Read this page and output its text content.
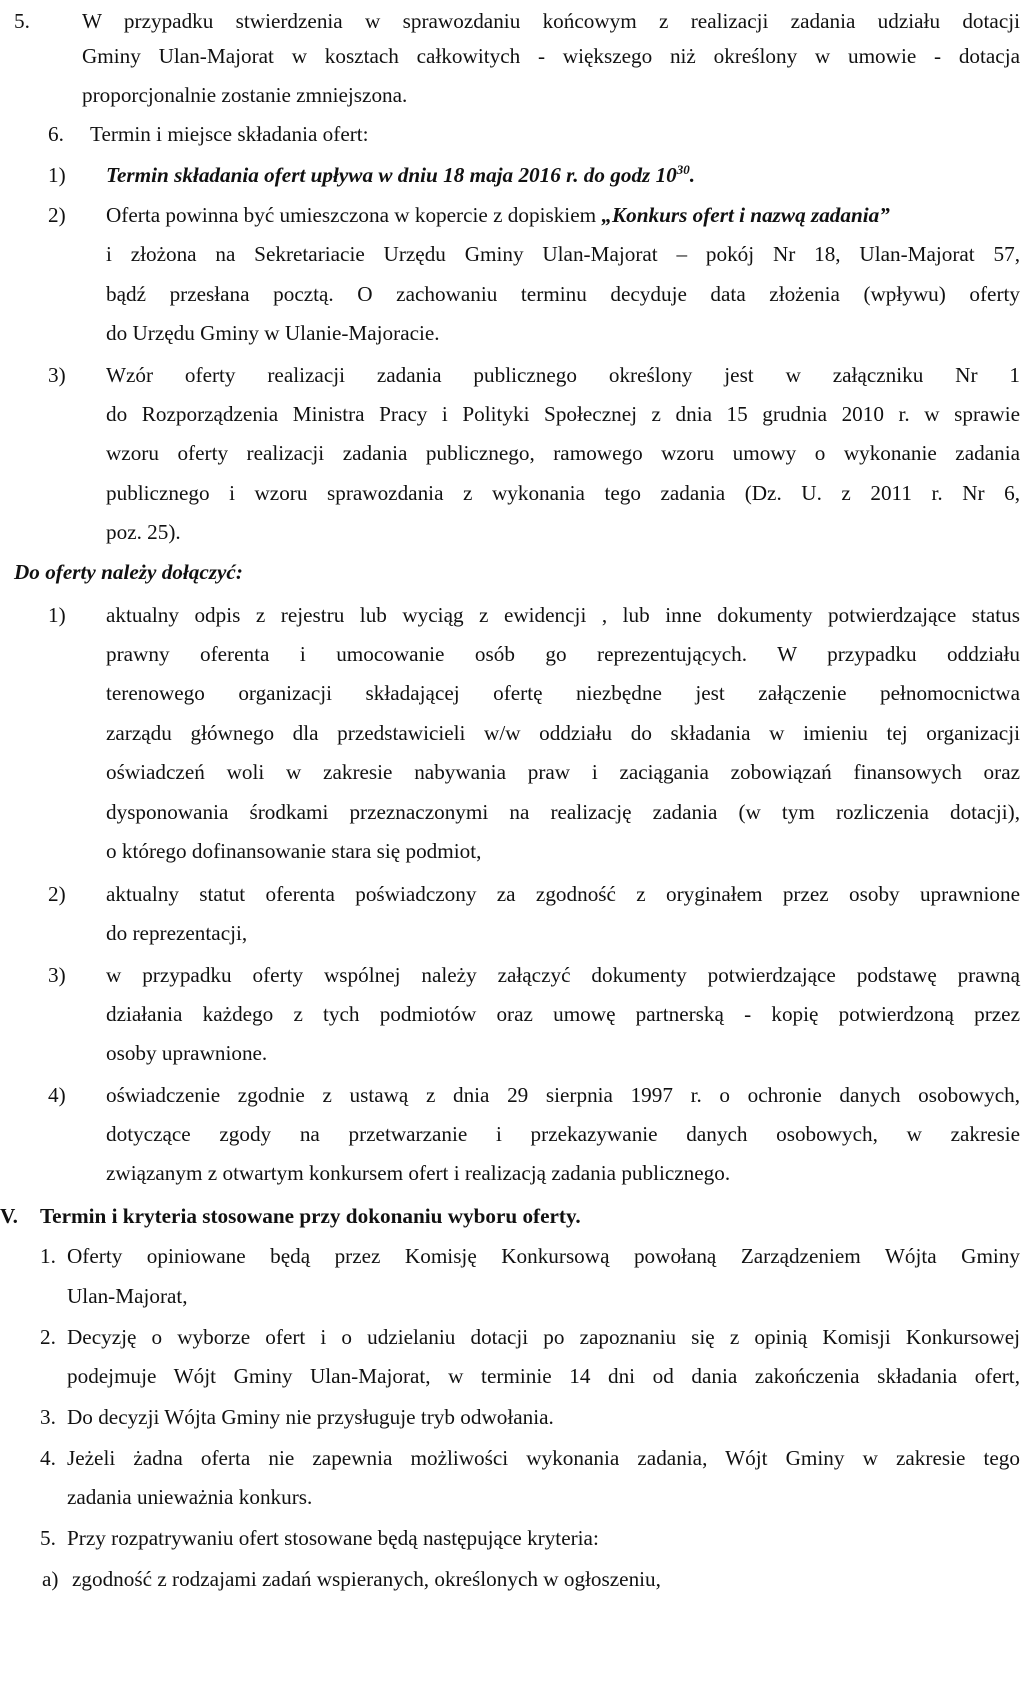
5. W przypadku stwierdzenia w sprawozdaniu końcowym z realizacji zadania udziału dotacji
Gminy Ulan-Majorat w kosztach całkowitych - większego niż określony w umowie - dotacja
proporcjonalnie zostanie zmniejszona.
6. Termin i miejsce składania ofert:
1) Termin składania ofert upływa w dniu 18 maja 2016 r. do godz $10^{30}$.
2) Oferta powinna być umieszczona w kopercie z dopiskiem „Konkurs ofert i nazwą zadania”
i złożona na Sekretariacie Urzędu Gminy Ulan-Majorat – pokój Nr 18, Ulan-Majorat 57,
bądź przesłana pocztą. O zachowaniu terminu decyduje data złożenia (wpływu) oferty
do Urzędu Gminy w Ulanie-Majoracie.
3) Wzór oferty realizacji zadania publicznego określony jest w załączniku Nr 1
do Rozporządzenia Ministra Pracy i Polityki Społecznej z dnia 15 grudnia 2010 r. w sprawie
wzoru oferty realizacji zadania publicznego, ramowego wzoru umowy o wykonanie zadania
publicznego i wzoru sprawozdania z wykonania tego zadania (Dz. U. z 2011 r. Nr 6,
poz. 25).
Do oferty należy dołączyć:
1) aktualny odpis z rejestru lub wyciąg z ewidencji , lub inne dokumenty potwierdzające status
prawny oferenta i umocowanie osób go reprezentujących. W przypadku oddziału
terenowego organizacji składającej ofertę niezbędne jest załączenie pełnomocnictwa
zarządu głównego dla przedstawicieli w/w oddziału do składania w imieniu tej organizacji
oświadczeń woli w zakresie nabywania praw i zaciągania zobowiązań finansowych oraz
dysponowania środkami przeznaczonymi na realizację zadania (w tym rozliczenia dotacji),
o którego dofinansowanie stara się podmiot,
2) aktualny statut oferenta poświadczony za zgodność z oryginałem przez osoby uprawnione
do reprezentacji,
3) w przypadku oferty wspólnej należy załączyć dokumenty potwierdzające podstawę prawną
działania każdego z tych podmiotów oraz umowę partnerską - kopię potwierdzoną przez
osoby uprawnione.
4) oświadczenie zgodnie z ustawą z dnia 29 sierpnia 1997 r. o ochronie danych osobowych,
dotyczące zgody na przetwarzanie i przekazywanie danych osobowych, w zakresie
związanym z otwartym konkursem ofert i realizacją zadania publicznego.
V. Termin i kryteria stosowane przy dokonaniu wyboru oferty.
1. Oferty opiniowane będą przez Komisję Konkursową powołaną Zarządzeniem Wójta Gminy
Ulan-Majorat,
2. Decyzję o wyborze ofert i o udzielaniu dotacji po zapoznaniu się z opinią Komisji Konkursowej
podejmuje Wójt Gminy Ulan-Majorat, w terminie 14 dni od dania zakończenia składania ofert,
3. Do decyzji Wójta Gminy nie przysługuje tryb odwołania.
4. Jeżeli żadna oferta nie zapewnia możliwości wykonania zadania, Wójt Gminy w zakresie tego
zadania unieważnia konkurs.
5. Przy rozpatrywaniu ofert stosowane będą następujące kryteria:
a) zgodność z rodzajami zadań wspieranych, określonych w ogłoszeniu,
